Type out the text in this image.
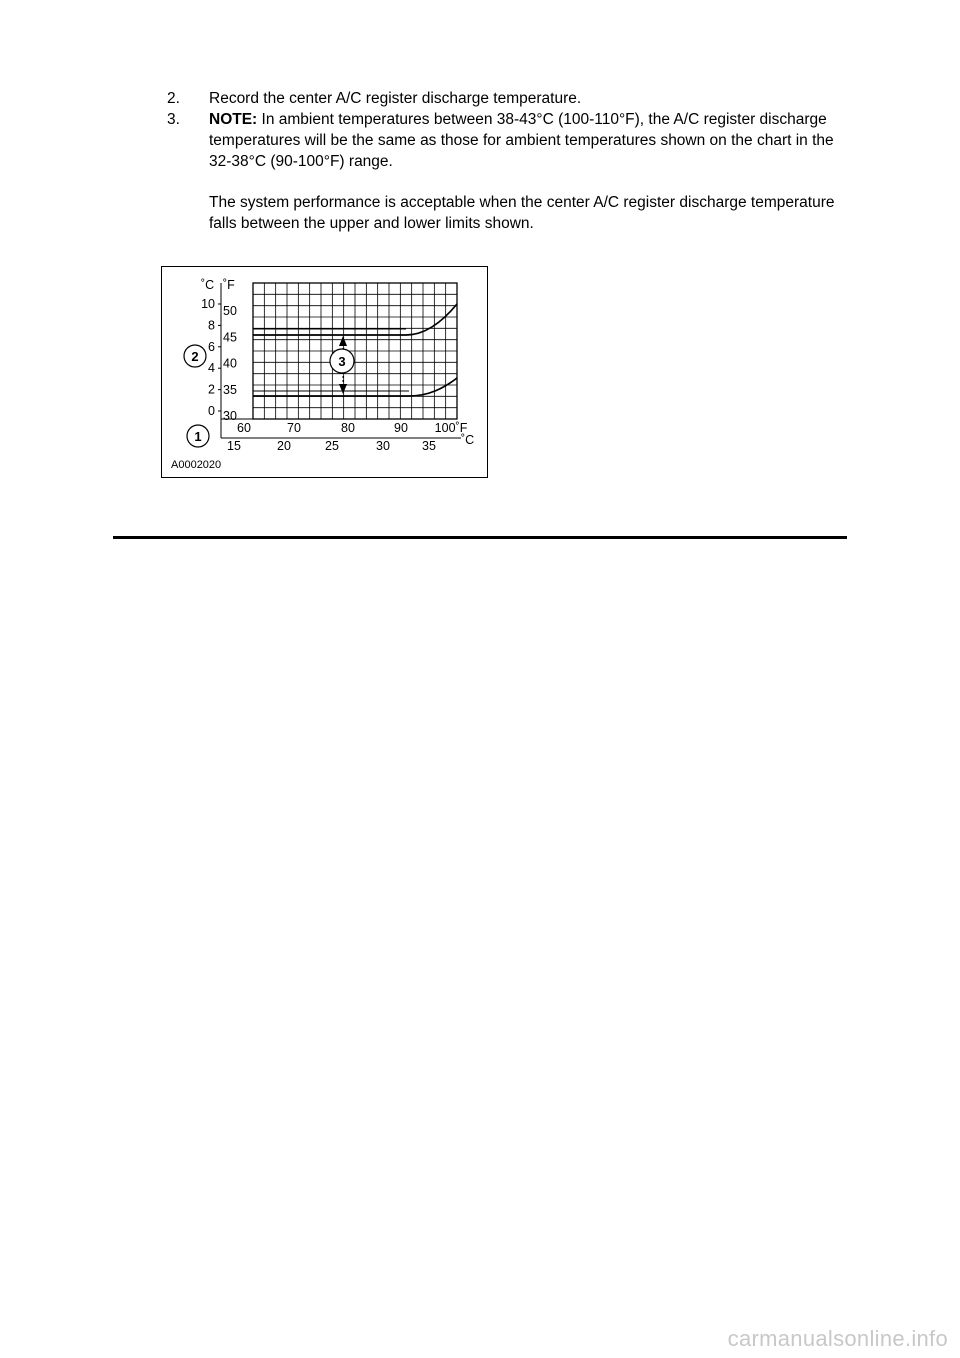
2.	Record the center A/C register discharge temperature.
3.	NOTE: In ambient temperatures between 38-43°C (100-110°F), the A/C register discharge temperatures will be the same as those for ambient temperatures shown on the chart in the 32-38°C (90-100°F) range.
The system performance is acceptable when the center A/C register discharge temperature falls between the upper and lower limits shown.
˚C ˚F
10
8
6
4
2
0
50
45
40
35
30
60	70	80	90 100˚F
15	20	25	30	35 ˚C
1
2	3
A0002020
carmanualsonline.info
